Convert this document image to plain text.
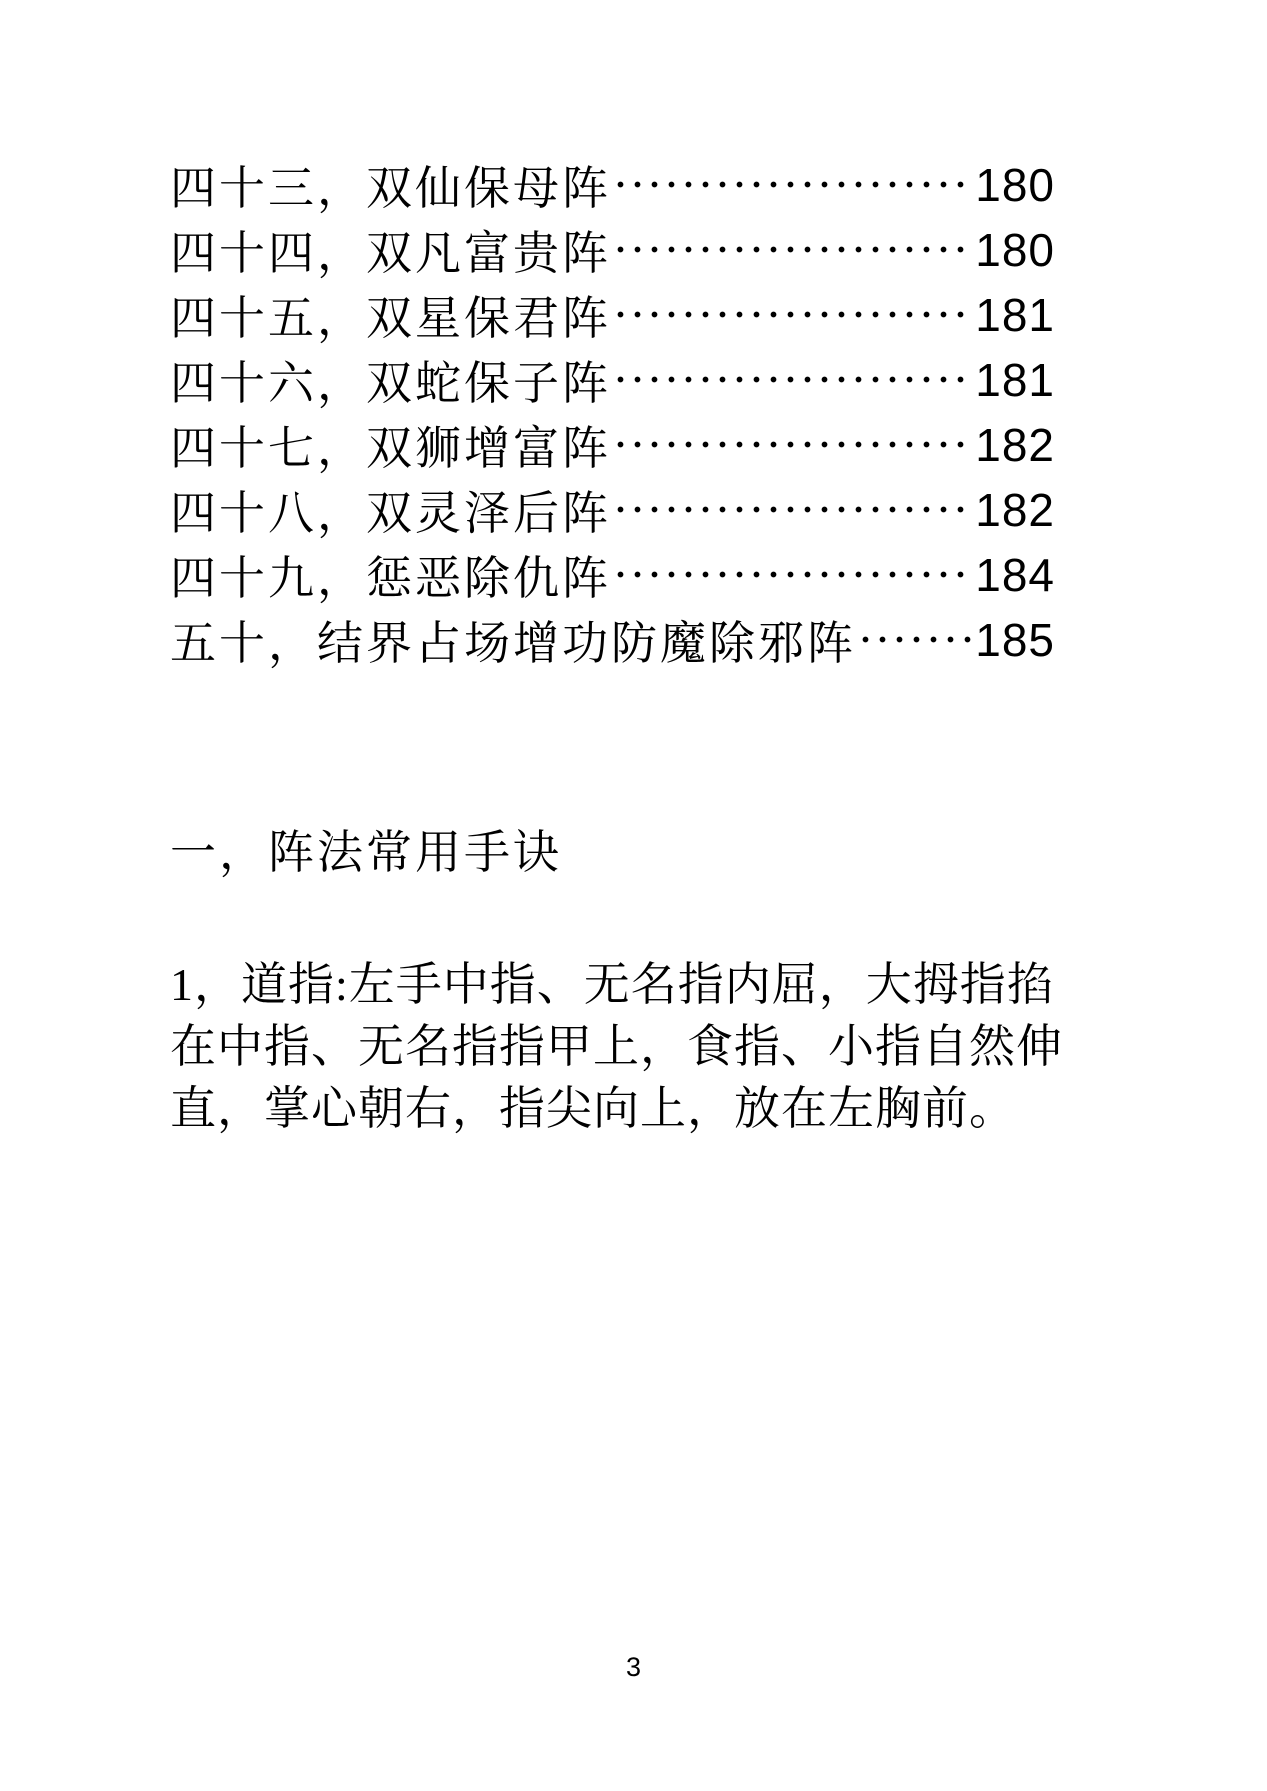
四十三，双仙保母阵	180
四十四，双凡富贵阵	180
四十五，双星保君阵	181
四十六，双蛇保子阵	181
四十七，双狮增富阵	182
四十八，双灵泽后阵	182
四十九，惩恶除仇阵	184
五十，结界占场增功防魔除邪阵	185
一，阵法常用手诀
1，道指:左手中指、无名指内屈，大拇指掐
在中指、无名指指甲上，食指、小指自然伸
直，掌心朝右，指尖向上，放在左胸前。
3
